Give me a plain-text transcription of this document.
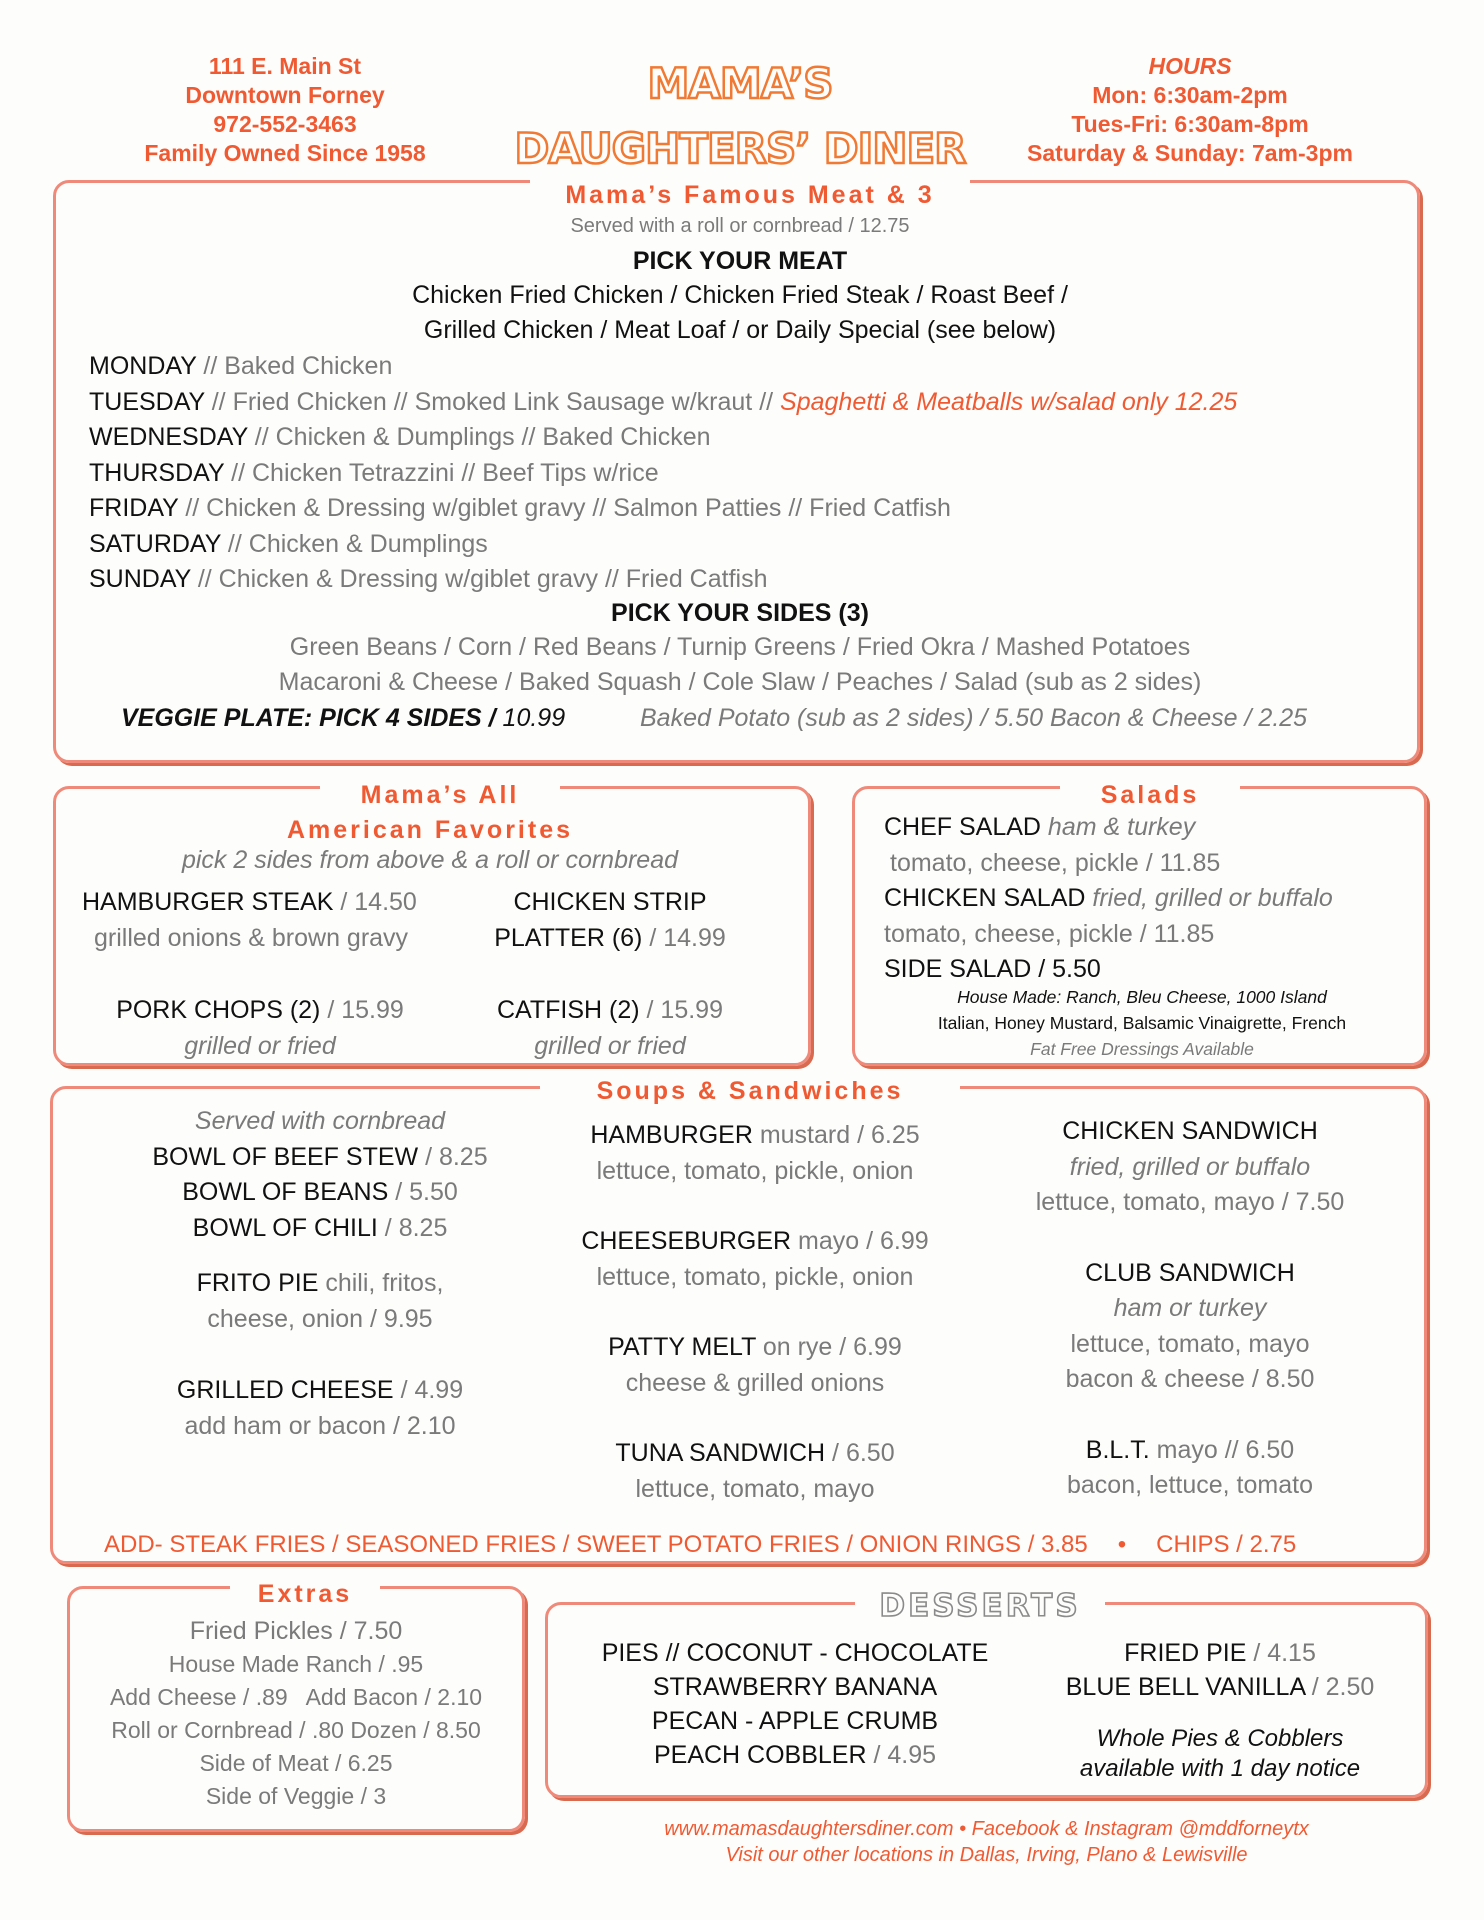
111 E. Main St
Downtown Forney
972-552-3463
Family Owned Since 1958
MAMA’S
DAUGHTERS’ DINER
HOURS
Mon: 6:30am-2pm
Tues-Fri: 6:30am-8pm
Saturday & Sunday: 7am-3pm
Mama’s Famous Meat & 3
Served with a roll or cornbread / 12.75
PICK YOUR MEAT
Chicken Fried Chicken / Chicken Fried Steak / Roast Beef /
Grilled Chicken / Meat Loaf / or Daily Special (see below)
MONDAY // Baked Chicken
TUESDAY // Fried Chicken // Smoked Link Sausage w/kraut // Spaghetti & Meatballs w/salad only 12.25
WEDNESDAY // Chicken & Dumplings // Baked Chicken
THURSDAY // Chicken Tetrazzini // Beef Tips w/rice
FRIDAY // Chicken & Dressing w/giblet gravy // Salmon Patties // Fried Catfish
SATURDAY // Chicken & Dumplings
SUNDAY // Chicken & Dressing w/giblet gravy // Fried Catfish
PICK YOUR SIDES (3)
Green Beans / Corn / Red Beans / Turnip Greens / Fried Okra / Mashed Potatoes
Macaroni & Cheese / Baked Squash / Cole Slaw / Peaches / Salad (sub as 2 sides)
VEGGIE PLATE: PICK 4 SIDES / 10.99	Baked Potato (sub as 2 sides) / 5.50 Bacon & Cheese / 2.25
Mama’s All
American Favorites
pick 2 sides from above & a roll or cornbread
HAMBURGER STEAK / 14.50
grilled onions & brown gravy
CHICKEN STRIP
PLATTER (6) / 14.99
PORK CHOPS (2) / 15.99
grilled or fried
CATFISH (2) / 15.99
grilled or fried
Salads
CHEF SALAD ham & turkey
tomato, cheese, pickle / 11.85
CHICKEN SALAD fried, grilled or buffalo
tomato, cheese, pickle / 11.85
SIDE SALAD / 5.50
House Made: Ranch, Bleu Cheese, 1000 Island
Italian, Honey Mustard, Balsamic Vinaigrette, French
Fat Free Dressings Available
Soups & Sandwiches
Served with cornbread
BOWL OF BEEF STEW / 8.25
BOWL OF BEANS / 5.50
BOWL OF CHILI / 8.25
FRITO PIE chili, fritos,
cheese, onion / 9.95
GRILLED CHEESE / 4.99
add ham or bacon / 2.10
HAMBURGER mustard / 6.25
lettuce, tomato, pickle, onion
CHEESEBURGER mayo / 6.99
lettuce, tomato, pickle, onion
PATTY MELT on rye / 6.99
cheese & grilled onions
TUNA SANDWICH / 6.50
lettuce, tomato, mayo
CHICKEN SANDWICH
fried, grilled or buffalo
lettuce, tomato, mayo / 7.50
CLUB SANDWICH
ham or turkey
lettuce, tomato, mayo
bacon & cheese / 8.50
B.L.T. mayo // 6.50
bacon, lettuce, tomato
ADD- STEAK FRIES / SEASONED FRIES / SWEET POTATO FRIES / ONION RINGS / 3.85 • CHIPS / 2.75
Extras
Fried Pickles / 7.50
House Made Ranch / .95
Add Cheese / .89   Add Bacon / 2.10
Roll or Cornbread / .80 Dozen / 8.50
Side of Meat / 6.25
Side of Veggie / 3
DESSERTS
PIES // COCONUT - CHOCOLATE
STRAWBERRY BANANA
PECAN - APPLE CRUMB
PEACH COBBLER / 4.95
FRIED PIE / 4.15
BLUE BELL VANILLA / 2.50
Whole Pies & Cobblers
available with 1 day notice
www.mamasdaughtersdiner.com • Facebook & Instagram @mddforneytx
Visit our other locations in Dallas, Irving, Plano & Lewisville
